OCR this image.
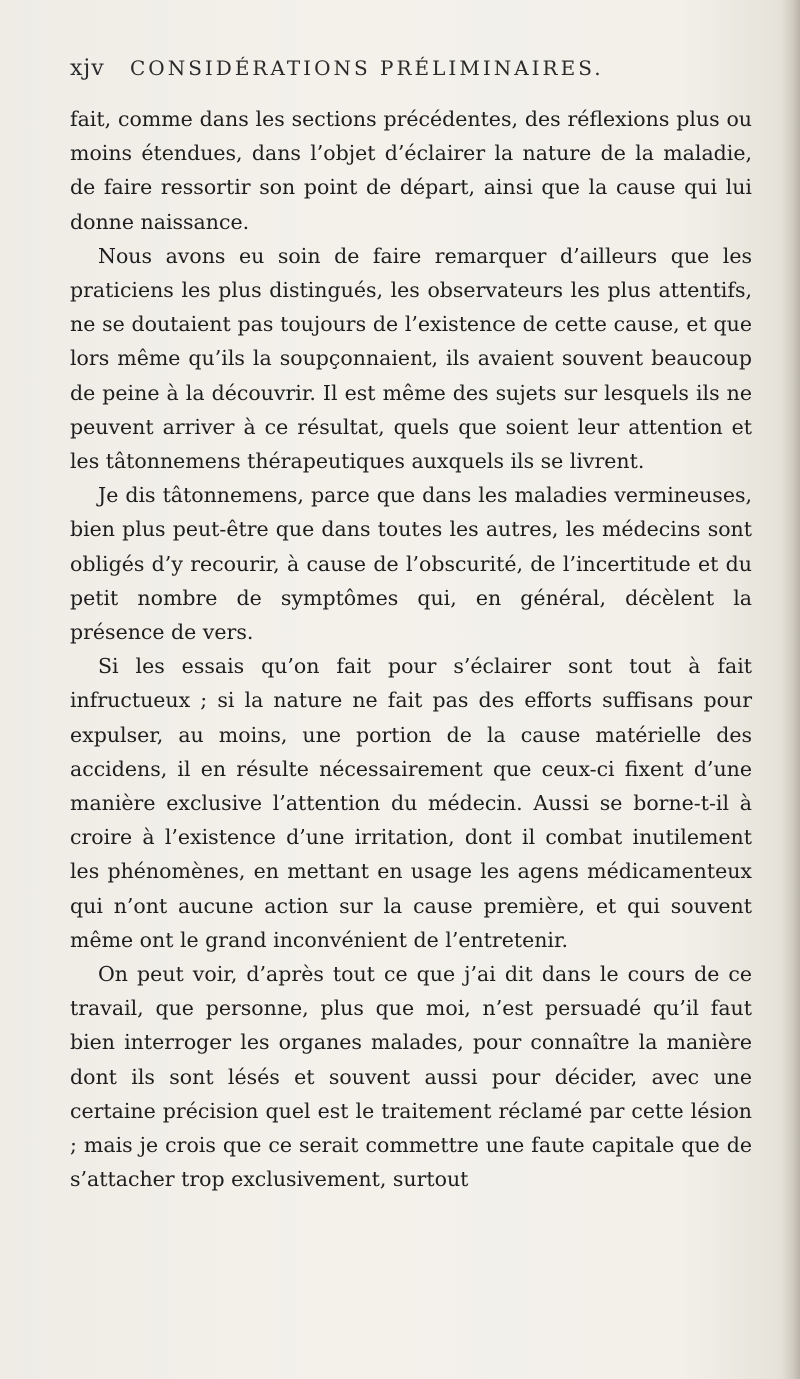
xjv CONSIDÉRATIONS PRÉLIMINAIRES.

fait, comme dans les sections précédentes, des réflexions plus ou moins étendues, dans l’objet d’éclairer la nature de la maladie, de faire ressortir son point de départ, ainsi que la cause qui lui donne naissance.

Nous avons eu soin de faire remarquer d’ailleurs que les praticiens les plus distingués, les observateurs les plus attentifs, ne se doutaient pas toujours de l’existence de cette cause, et que lors même qu’ils la soupçonnaient, ils avaient souvent beaucoup de peine à la découvrir. Il est même des sujets sur lesquels ils ne peuvent arriver à ce résultat, quels que soient leur attention et les tâtonnemens thérapeutiques auxquels ils se livrent.

Je dis tâtonnemens, parce que dans les maladies vermineuses, bien plus peut-être que dans toutes les autres, les médecins sont obligés d’y recourir, à cause de l’obscurité, de l’incertitude et du petit nombre de symptômes qui, en général, décèlent la présence de vers.

Si les essais qu’on fait pour s’éclairer sont tout à fait infructueux ; si la nature ne fait pas des efforts suffisans pour expulser, au moins, une portion de la cause matérielle des accidens, il en résulte nécessairement que ceux-ci fixent d’une manière exclusive l’attention du médecin. Aussi se borne-t-il à croire à l’existence d’une irritation, dont il combat inutilement les phénomènes, en mettant en usage les agens médicamenteux qui n’ont aucune action sur la cause première, et qui souvent même ont le grand inconvénient de l’entretenir.

On peut voir, d’après tout ce que j’ai dit dans le cours de ce travail, que personne, plus que moi, n’est persuadé qu’il faut bien interroger les organes malades, pour connaître la manière dont ils sont lésés et souvent aussi pour décider, avec une certaine précision quel est le traitement réclamé par cette lésion ; mais je crois que ce serait commettre une faute capitale que de s’attacher trop exclusivement, surtout
